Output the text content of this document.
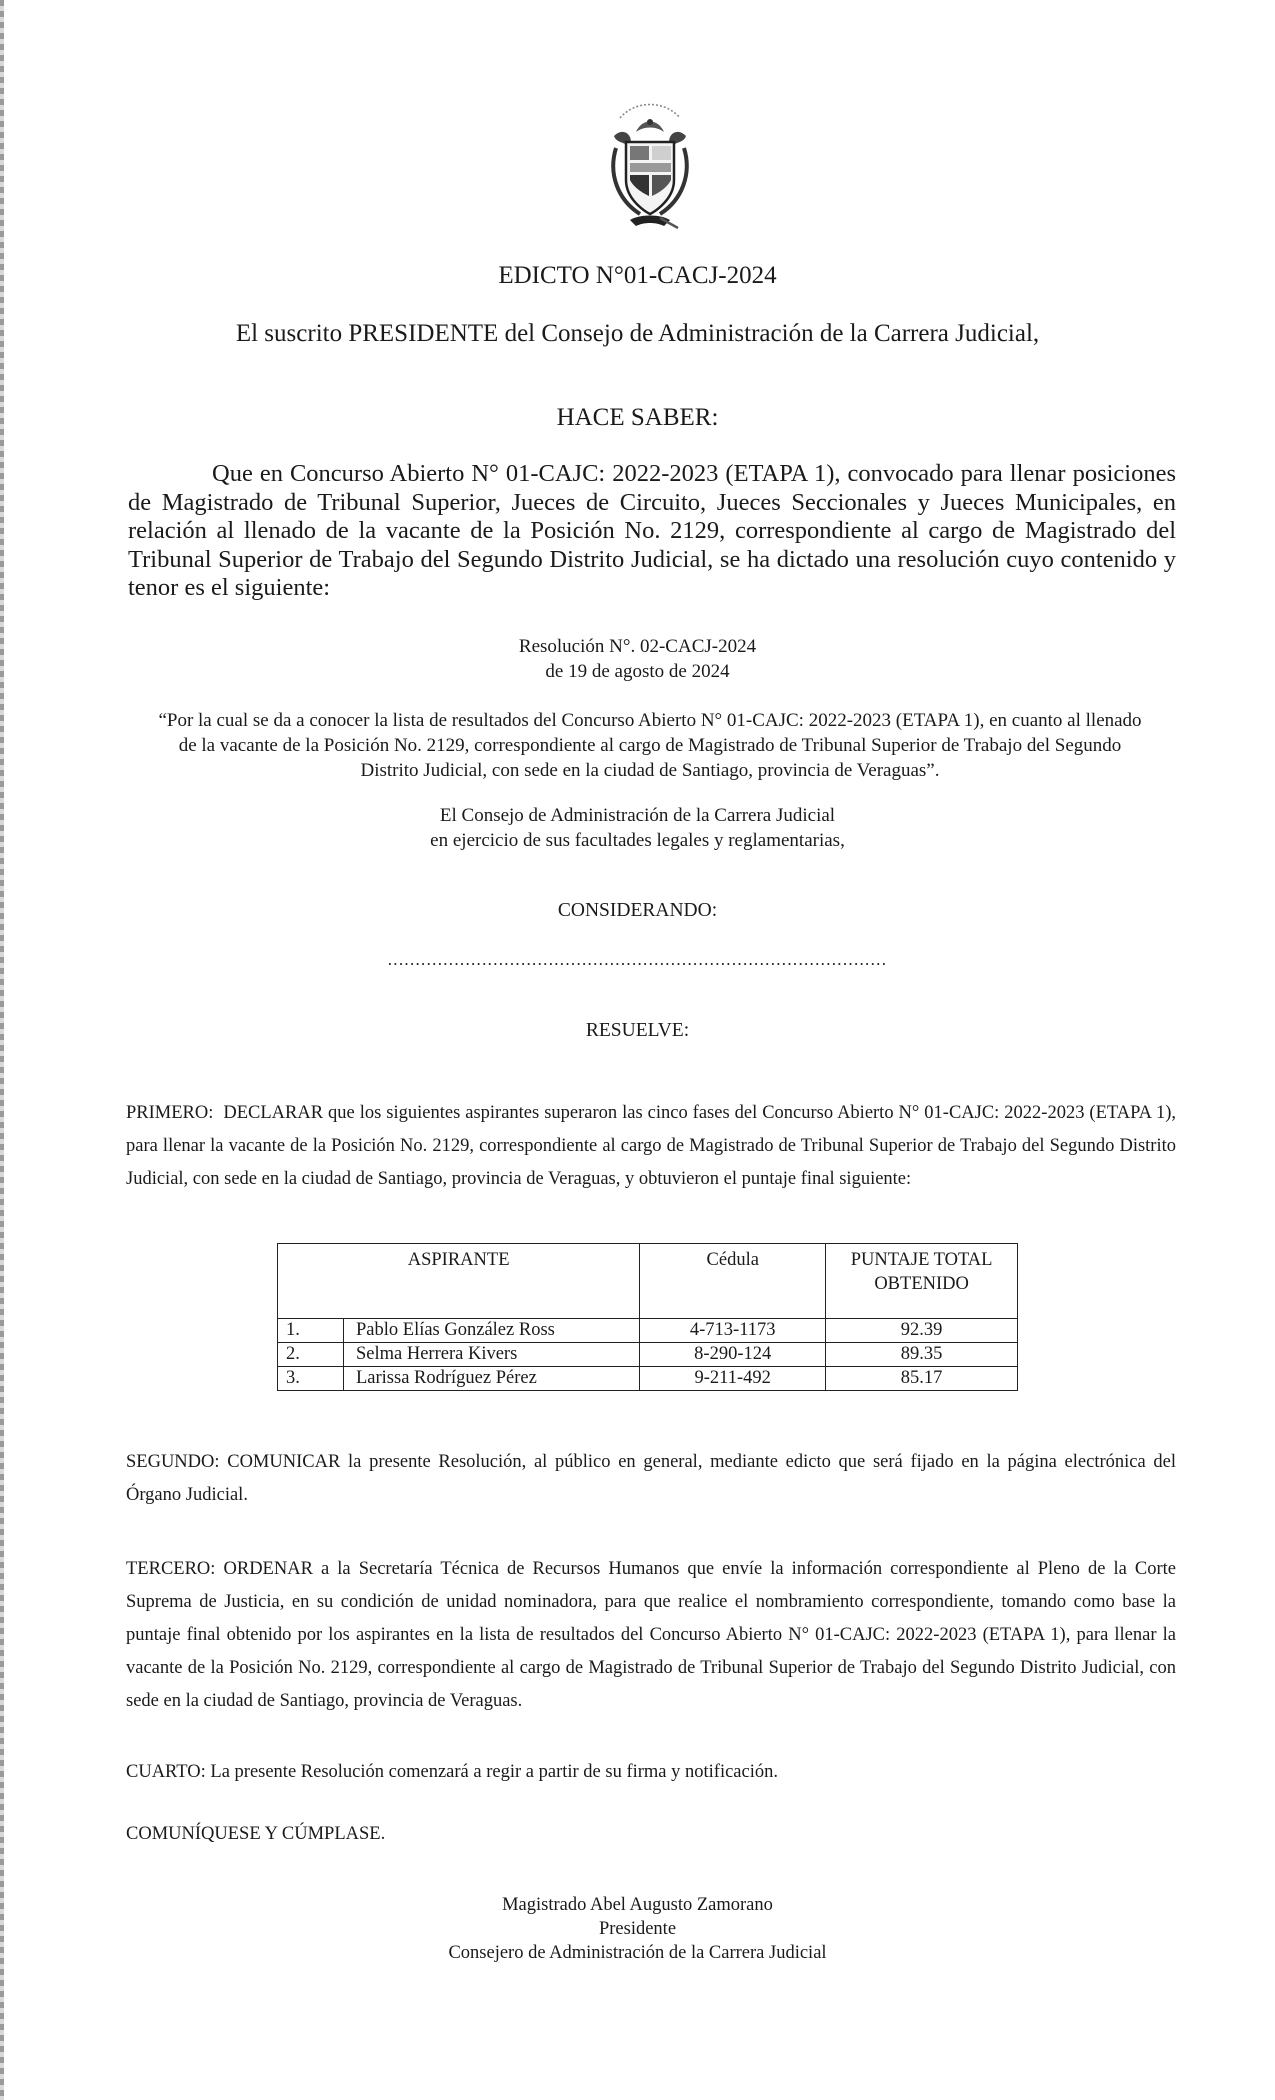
EDICTO N°01-CACJ-2024
El suscrito PRESIDENTE del Consejo de Administración de la Carrera Judicial,
HACE SABER:
Que en Concurso Abierto N° 01-CAJC: 2022-2023 (ETAPA 1), convocado para llenar posiciones de Magistrado de Tribunal Superior, Jueces de Circuito, Jueces Seccionales y Jueces Municipales, en relación al llenado de la vacante de la Posición No. 2129, correspondiente al cargo de Magistrado del Tribunal Superior de Trabajo del Segundo Distrito Judicial, se ha dictado una resolución cuyo contenido y tenor es el siguiente:
Resolución N°. 02-CACJ-2024
de 19 de agosto de 2024
“Por la cual se da a conocer la lista de resultados del Concurso Abierto N° 01-CAJC: 2022-2023 (ETAPA 1), en cuanto al llenado de la vacante de la Posición No. 2129, correspondiente al cargo de Magistrado de Tribunal Superior de Trabajo del Segundo Distrito Judicial, con sede en la ciudad de Santiago, provincia de Veraguas”.
El Consejo de Administración de la Carrera Judicial
en ejercicio de sus facultades legales y reglamentarias,
CONSIDERANDO:
..........................................................................................
RESUELVE:
PRIMERO: DECLARAR que los siguientes aspirantes superaron las cinco fases del Concurso Abierto N° 01-CAJC: 2022-2023 (ETAPA 1), para llenar la vacante de la Posición No. 2129, correspondiente al cargo de Magistrado de Tribunal Superior de Trabajo del Segundo Distrito Judicial, con sede en la ciudad de Santiago, provincia de Veraguas, y obtuvieron el puntaje final siguiente:
ASPIRANTE		Cédula	PUNTAJE TOTAL
OBTENIDO
1.	Pablo Elías González Ross	4-713-1173	92.39
2.	Selma Herrera Kivers	8-290-124	89.35
3.	Larissa Rodríguez Pérez	9-211-492	85.17
SEGUNDO: COMUNICAR la presente Resolución, al público en general, mediante edicto que será fijado en la página electrónica del Órgano Judicial.
TERCERO: ORDENAR a la Secretaría Técnica de Recursos Humanos que envíe la información correspondiente al Pleno de la Corte Suprema de Justicia, en su condición de unidad nominadora, para que realice el nombramiento correspondiente, tomando como base la puntaje final obtenido por los aspirantes en la lista de resultados del Concurso Abierto N° 01-CAJC: 2022-2023 (ETAPA 1), para llenar la vacante de la Posición No. 2129, correspondiente al cargo de Magistrado de Tribunal Superior de Trabajo del Segundo Distrito Judicial, con sede en la ciudad de Santiago, provincia de Veraguas.
CUARTO: La presente Resolución comenzará a regir a partir de su firma y notificación.
COMUNÍQUESE Y CÚMPLASE.
Magistrado Abel Augusto Zamorano
Presidente
Consejero de Administración de la Carrera Judicial
